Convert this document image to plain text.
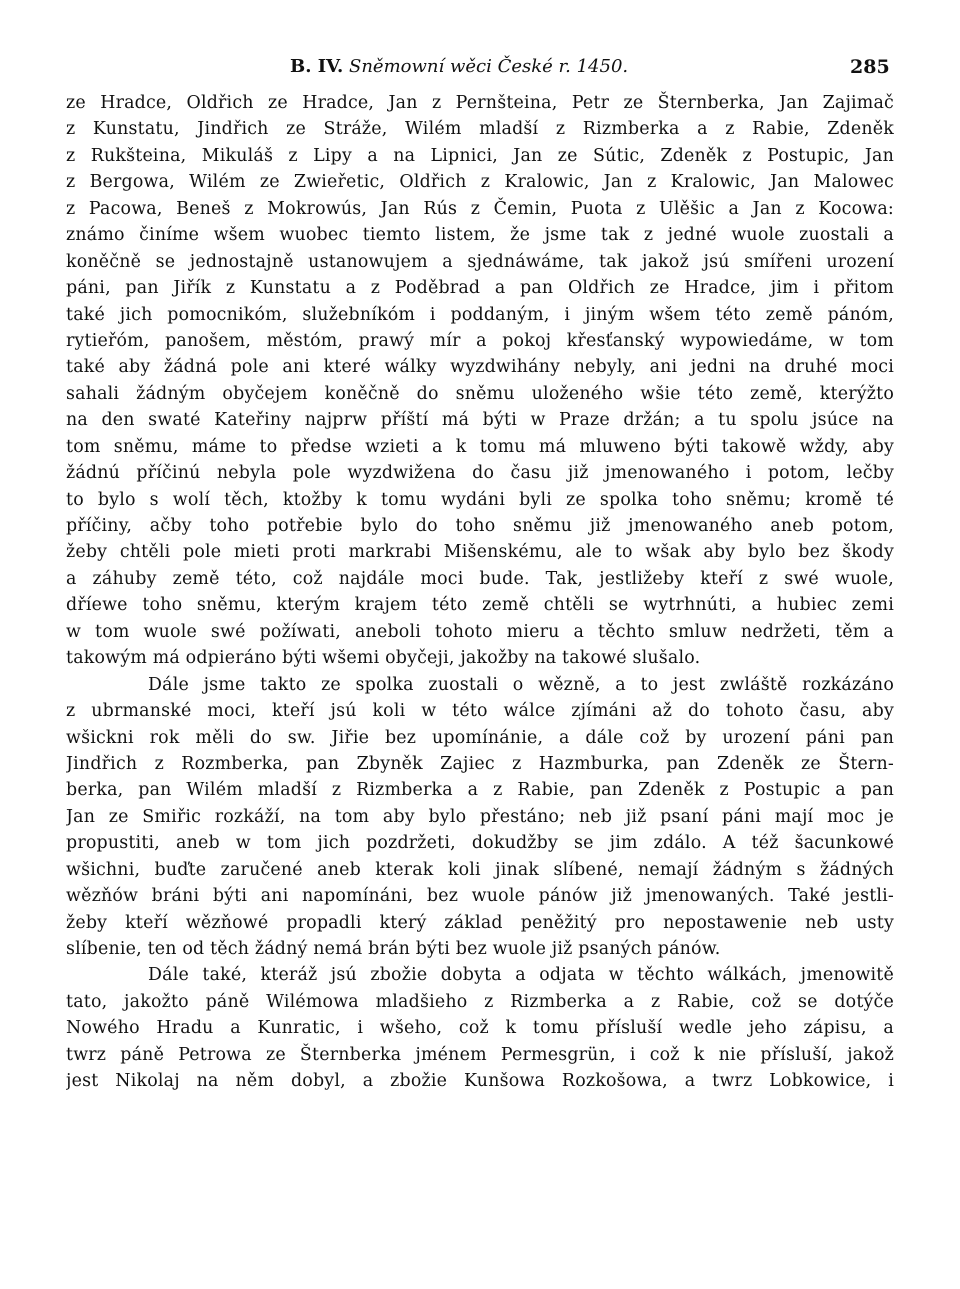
B. IV. Sněmowní wěci České r. 1450.	285
ze Hradce, Oldřich ze Hradce, Jan z Pernšteina, Petr ze Šternberka, Jan Zajimač
z Kunstatu, Jindřich ze Stráže, Wilém mladší z Rizmberka a z Rabie, Zdeněk
z Rukšteina, Mikuláš z Lipy a na Lipnici, Jan ze Sútic, Zdeněk z Postupic, Jan
z Bergowa, Wilém ze Zwieřetic, Oldřich z Kralowic, Jan z Kralowic, Jan Malowec
z Pacowa, Beneš z Mokrowús, Jan Rús z Čemin, Puota z Ulěšic a Jan z Kocowa:
známo činíme wšem wuobec tiemto listem, že jsme tak z jedné wuole zuostali a
koněčně se jednostajně ustanowujem a sjednáwáme, tak jakož jsú smířeni urození
páni, pan Jiřík z Kunstatu a z Poděbrad a pan Oldřich ze Hradce, jim i přitom
také jich pomocnikóm, služebníkóm i poddaným, i jiným wšem této země pánóm,
rytieřóm, panošem, městóm, prawý mír a pokoj křesťanský wypowiedáme, w tom
také aby žádná pole ani které wálky wyzdwihány nebyly, ani jedni na druhé moci
sahali žádným obyčejem koněčně do sněmu uloženého wšie této země, kterýžto
na den swaté Kateřiny najprw příští má býti w Praze držán; a tu spolu jsúce na
tom sněmu, máme to předse wzieti a k tomu má mluweno býti takowě wždy, aby
žádnú příčinú nebyla pole wyzdwižena do času již jmenowaného i potom, lečby
to bylo s wolí těch, ktožby k tomu wydáni byli ze spolka toho sněmu; kromě té
příčiny, ačby toho potřebie bylo do toho sněmu již jmenowaného aneb potom,
žeby chtěli pole mieti proti markrabi Mišenskému, ale to wšak aby bylo bez škody
a záhuby země této, což najdále moci bude. Tak, jestližeby kteří z swé wuole,
dříewe toho sněmu, kterým krajem této země chtěli se wytrhnúti, a hubiec zemi
w tom wuole swé požíwati, aneboli tohoto mieru a těchto smluw nedržeti, těm a
takowým má odpieráno býti wšemi obyčeji, jakožby na takowé slušalo.
Dále jsme takto ze spolka zuostali o wězně, a to jest zwláště rozkázáno
z ubrmanské moci, kteří jsú koli w této wálce zjímáni až do tohoto času, aby
wšickni rok měli do sw. Jiřie bez upomínánie, a dále což by urození páni pan
Jindřich z Rozmberka, pan Zbyněk Zajiec z Hazmburka, pan Zdeněk ze Štern-
berka, pan Wilém mladší z Rizmberka a z Rabie, pan Zdeněk z Postupic a pan
Jan ze Smiřic rozkáží, na tom aby bylo přestáno; neb již psaní páni mají moc je
propustiti, aneb w tom jich pozdržeti, dokudžby se jim zdálo. A též šacunkowé
wšichni, buďte zaručené aneb kterak koli jinak slíbené, nemají žádným s žádných
wězňów bráni býti ani napomínáni, bez wuole pánów již jmenowaných. Také jestli-
žeby kteří wězňowé propadli který základ peněžitý pro nepostawenie neb usty
slíbenie, ten od těch žádný nemá brán býti bez wuole již psaných pánów.
Dále také, kteráž jsú zbožie dobyta a odjata w těchto wálkách, jmenowitě
tato, jakožto páně Wilémowa mladšieho z Rizmberka a z Rabie, což se dotýče
Nowého Hradu a Kunratic, i wšeho, což k tomu přísluší wedle jeho zápisu, a
twrz páně Petrowa ze Šternberka jménem Permesgrün, i což k nie přísluší, jakož
jest Nikolaj na něm dobyl, a zbožie Kunšowa Rozkošowa, a twrz Lobkowice, i
